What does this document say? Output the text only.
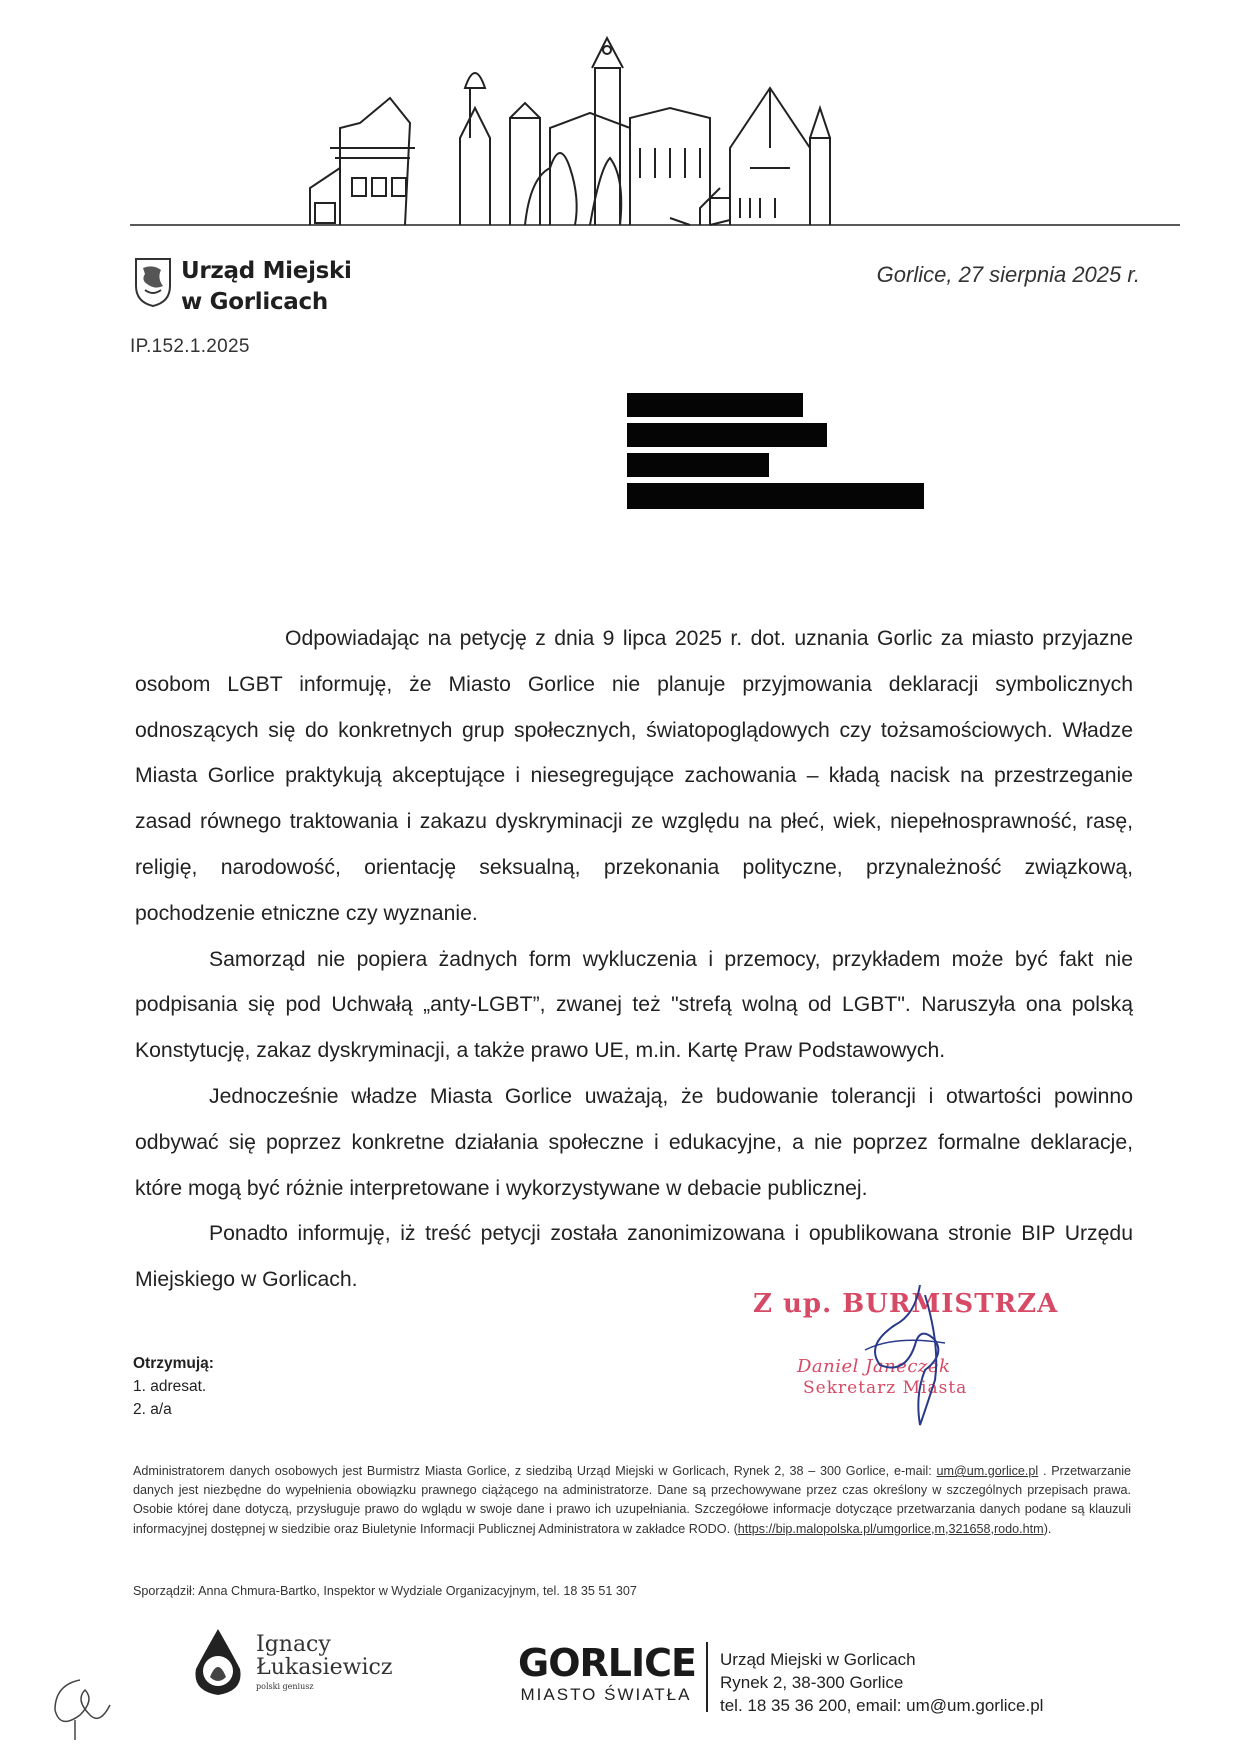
Urząd Miejski
w Gorlicach
Gorlice, 27 sierpnia 2025 r.
IP.152.1.2025

Odpowiadając na petycję z dnia 9 lipca 2025 r. dot. uznania Gorlic za miasto przyjazne osobom LGBT informuję, że Miasto Gorlice nie planuje przyjmowania deklaracji symbolicznych odnoszących się do konkretnych grup społecznych, światopoglądowych czy tożsamościowych. Władze Miasta Gorlice praktykują akceptujące i niesegregujące zachowania – kładą nacisk na przestrzeganie zasad równego traktowania i zakazu dyskryminacji ze względu na płeć, wiek, niepełnosprawność, rasę, religię, narodowość, orientację seksualną, przekonania polityczne, przynależność związkową, pochodzenie etniczne czy wyznanie.

Samorząd nie popiera żadnych form wykluczenia i przemocy, przykładem może być fakt nie podpisania się pod Uchwałą „anty-LGBT”, zwanej też "strefą wolną od LGBT". Naruszyła ona polską Konstytucję, zakaz dyskryminacji, a także prawo UE, m.in. Kartę Praw Podstawowych.

Jednocześnie władze Miasta Gorlice uważają, że budowanie tolerancji i otwartości powinno odbywać się poprzez konkretne działania społeczne i edukacyjne, a nie poprzez formalne deklaracje, które mogą być różnie interpretowane i wykorzystywane w debacie publicznej.

Ponadto informuję, iż treść petycji została zanonimizowana i opublikowana stronie BIP Urzędu Miejskiego w Gorlicach.

Z up. BURMISTRZA
Daniel Janeczek
Sekretarz Miasta
Otrzymują:
1. adresat.
2. a/a
Administratorem danych osobowych jest Burmistrz Miasta Gorlice, z siedzibą Urząd Miejski w Gorlicach, Rynek 2, 38 – 300 Gorlice, e-mail: um@um.gorlice.pl . Przetwarzanie danych jest niezbędne do wypełnienia obowiązku prawnego ciążącego na administratorze. Dane są przechowywane przez czas określony w szczególnych przepisach prawa. Osobie której dane dotyczą, przysługuje prawo do wglądu w swoje dane i prawo ich uzupełniania. Szczegółowe informacje dotyczące przetwarzania danych podane są klauzuli informacyjnej dostępnej w siedzibie oraz Biuletynie Informacji Publicznej Administratora w zakładce RODO. (https://bip.malopolska.pl/umgorlice,m,321658,rodo.htm).
Sporządził: Anna Chmura-Bartko, Inspektor w Wydziale Organizacyjnym, tel. 18 35 51 307
Ignacy
Łukasiewicz
polski geniusz
GORLICE
MIASTO ŚWIATŁA
Urząd Miejski w Gorlicach
Rynek 2, 38-300 Gorlice
tel. 18 35 36 200, email: um@um.gorlice.pl
